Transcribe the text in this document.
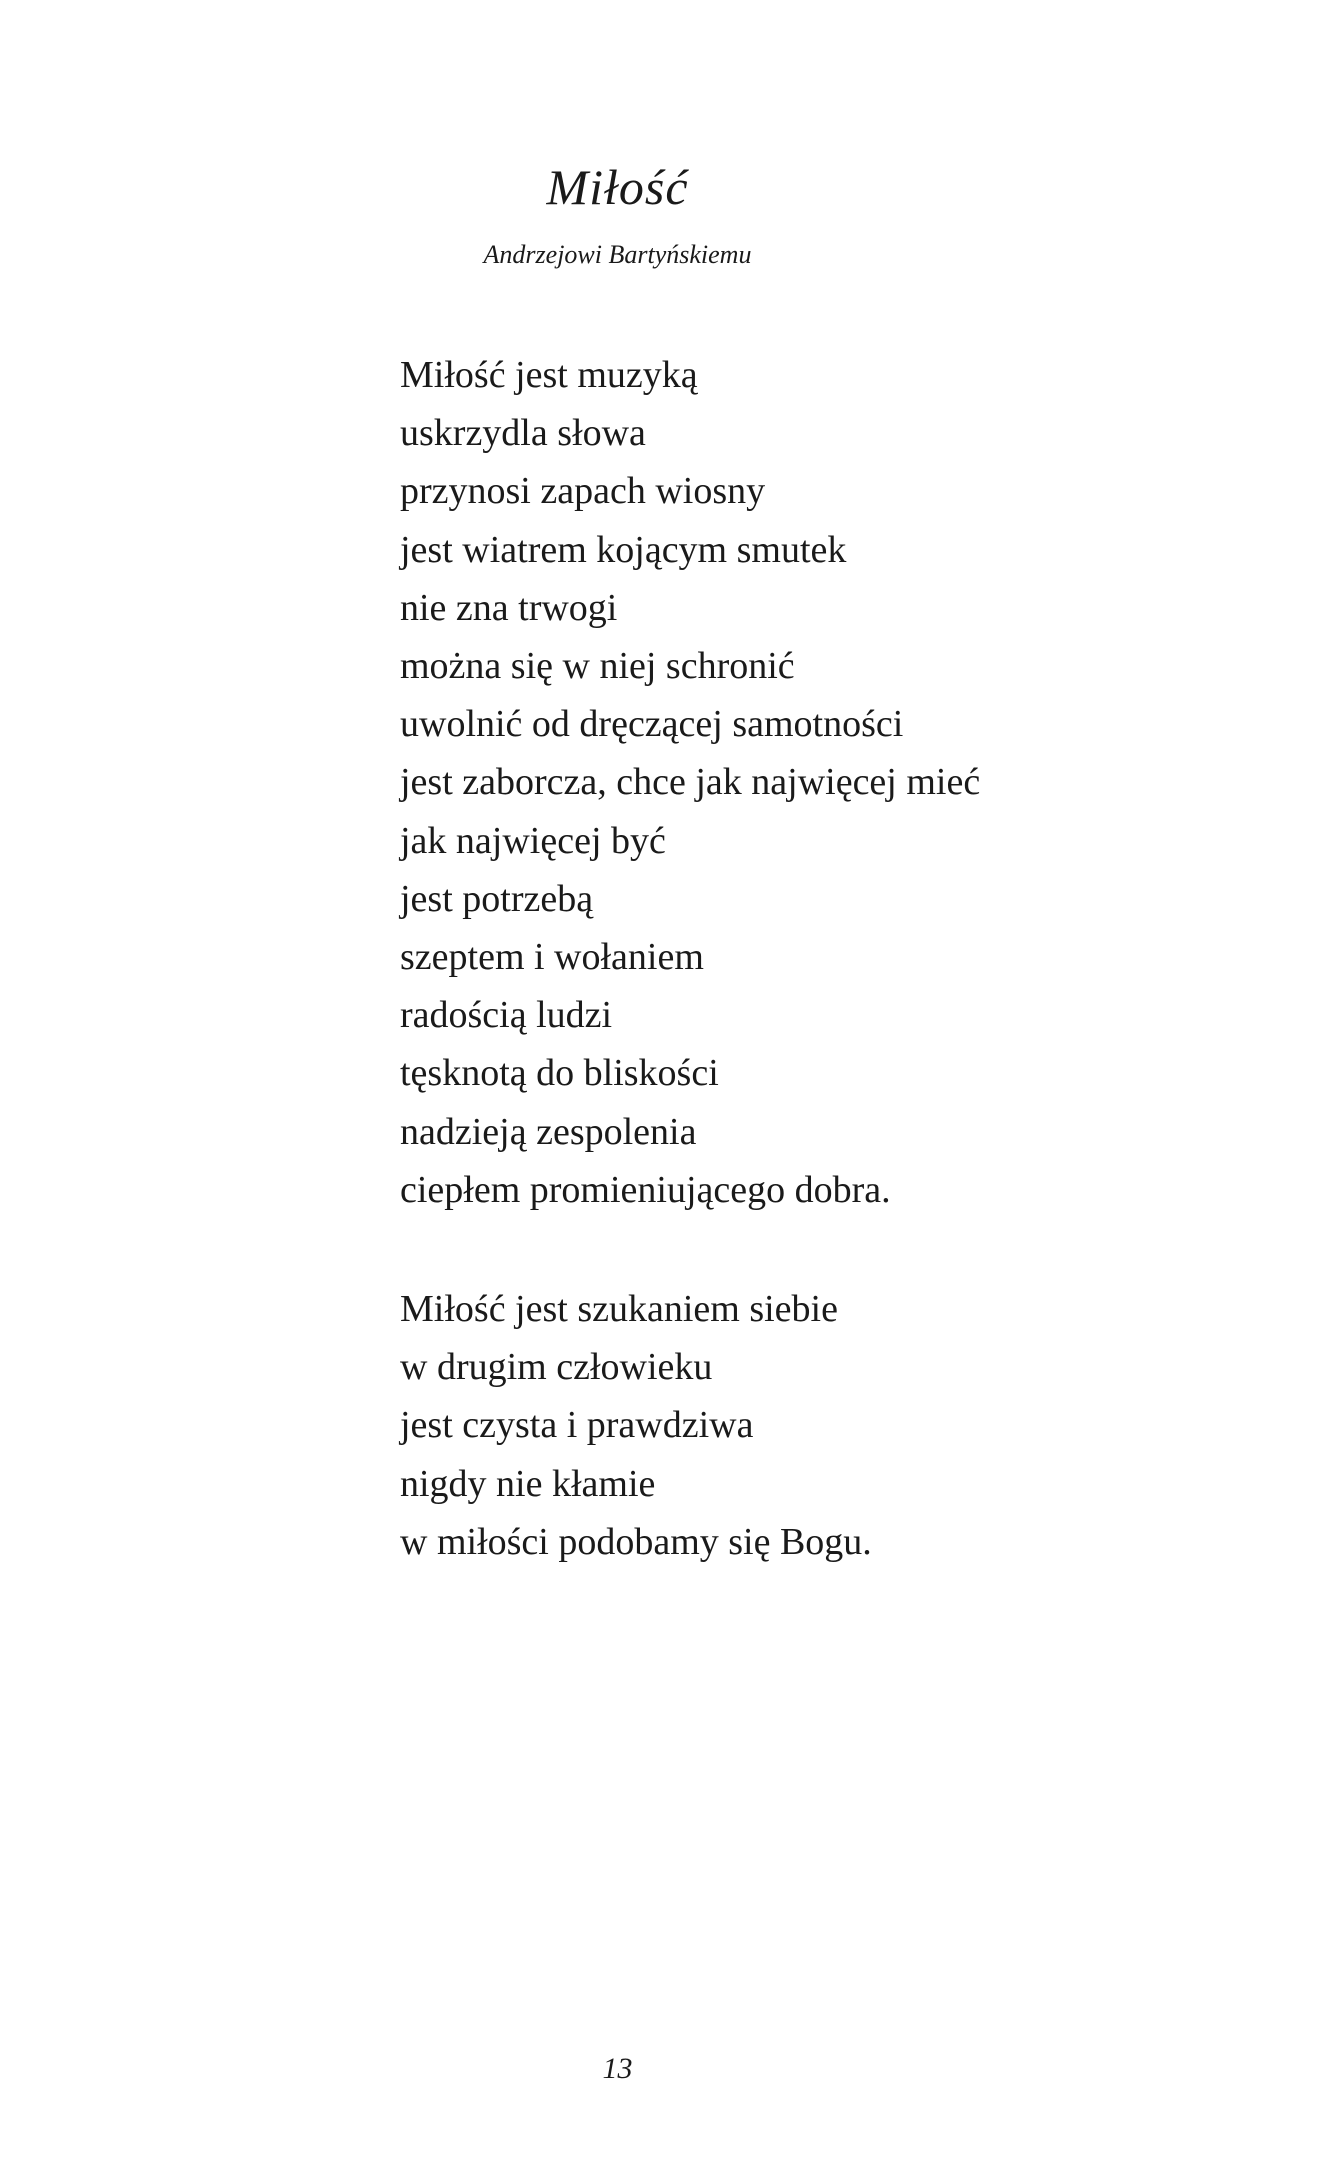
Miłość

Andrzejowi Bartyńskiemu

Miłość jest muzyką
uskrzydla słowa
przynosi zapach wiosny
jest wiatrem kojącym smutek
nie zna trwogi
można się w niej schronić
uwolnić od dręczącej samotności
jest zaborcza, chce jak najwięcej mieć
jak najwięcej być
jest potrzebą
szeptem i wołaniem
radością ludzi
tęsknotą do bliskości
nadzieją zespolenia
ciepłem promieniującego dobra.
Miłość jest szukaniem siebie
w drugim człowieku
jest czysta i prawdziwa
nigdy nie kłamie
w miłości podobamy się Bogu.
13
